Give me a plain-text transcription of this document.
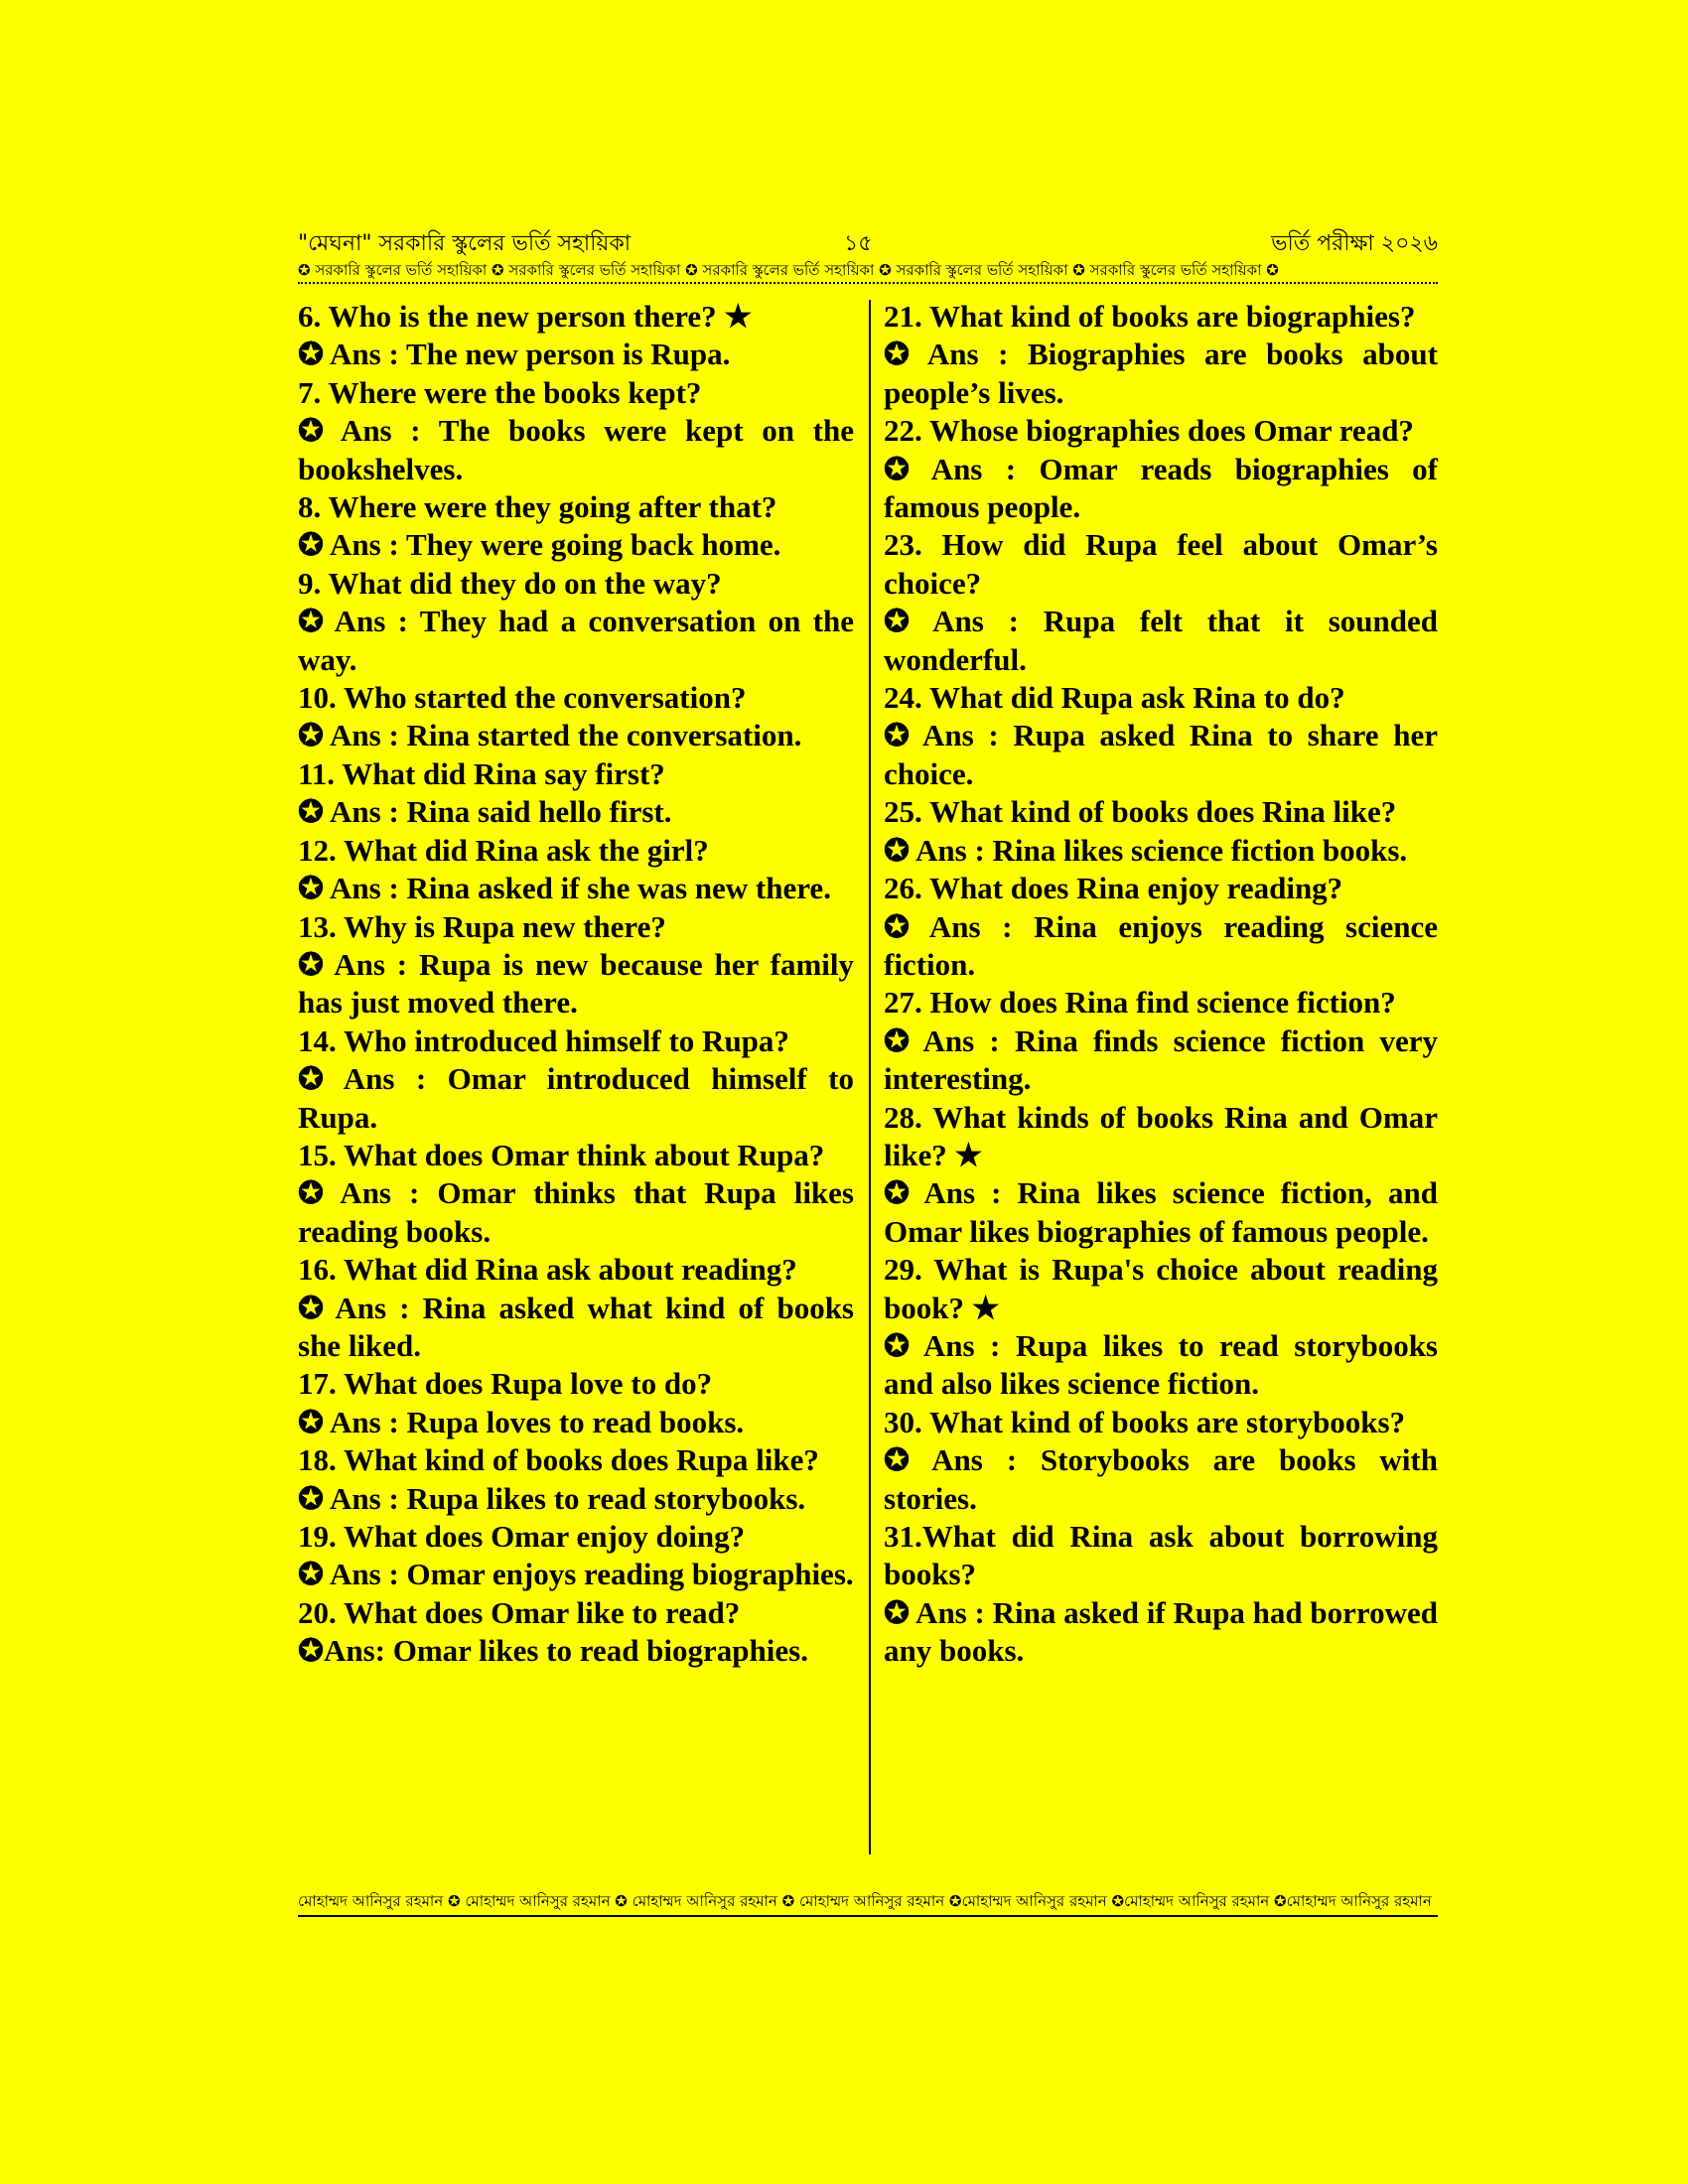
"মেঘনা" সরকারি স্কুলের ভর্তি সহায়িকা	১৫	ভর্তি পরীক্ষা ২০২৬
✪ সরকারি স্কুলের ভর্তি সহায়িকা ✪ সরকারি স্কুলের ভর্তি সহায়িকা ✪ সরকারি স্কুলের ভর্তি সহায়িকা ✪ সরকারি স্কুলের ভর্তি সহায়িকা ✪ সরকারি স্কুলের ভর্তি সহায়িকা ✪
6. Who is the new person there? ★
✪ Ans : The new person is Rupa.
7. Where were the books kept?
✪ Ans : The books were kept on the bookshelves.
8. Where were they going after that?
✪ Ans : They were going back home.
9. What did they do on the way?
✪ Ans : They had a conversation on the way.
10. Who started the conversation?
✪ Ans : Rina started the conversation.
11. What did Rina say first?
✪ Ans : Rina said hello first.
12. What did Rina ask the girl?
✪ Ans : Rina asked if she was new there.
13. Why is Rupa new there?
✪ Ans : Rupa is new because her family has just moved there.
14. Who introduced himself to Rupa?
✪ Ans : Omar introduced himself to Rupa.
15. What does Omar think about Rupa?
✪ Ans : Omar thinks that Rupa likes reading books.
16. What did Rina ask about reading?
✪ Ans : Rina asked what kind of books she liked.
17. What does Rupa love to do?
✪ Ans : Rupa loves to read books.
18. What kind of books does Rupa like?
✪ Ans : Rupa likes to read storybooks.
19. What does Omar enjoy doing?
✪ Ans : Omar enjoys reading biographies.
20. What does Omar like to read?
✪Ans: Omar likes to read biographies.
21. What kind of books are biographies?
✪ Ans : Biographies are books about people’s lives.
22. Whose biographies does Omar read?
✪ Ans : Omar reads biographies of famous people.
23. How did Rupa feel about Omar’s choice?
✪ Ans : Rupa felt that it sounded wonderful.
24. What did Rupa ask Rina to do?
✪ Ans : Rupa asked Rina to share her choice.
25. What kind of books does Rina like?
✪ Ans : Rina likes science fiction books.
26. What does Rina enjoy reading?
✪ Ans : Rina enjoys reading science fiction.
27. How does Rina find science fiction?
✪ Ans : Rina finds science fiction very interesting.
28. What kinds of books Rina and Omar like? ★
✪ Ans : Rina likes science fiction, and Omar likes biographies of famous people.
29. What is Rupa's choice about reading book? ★
✪ Ans : Rupa likes to read storybooks and also likes science fiction.
30. What kind of books are storybooks?
✪ Ans : Storybooks are books with stories.
31.What did Rina ask about borrowing books?
✪ Ans : Rina asked if Rupa had borrowed any books.
মোহাম্মদ আনিসুর রহমান ✪ মোহাম্মদ আনিসুর রহমান ✪ মোহাম্মদ আনিসুর রহমান ✪ মোহাম্মদ আনিসুর রহমান ✪মোহাম্মদ আনিসুর রহমান ✪মোহাম্মদ আনিসুর রহমান ✪মোহাম্মদ আনিসুর রহমান
